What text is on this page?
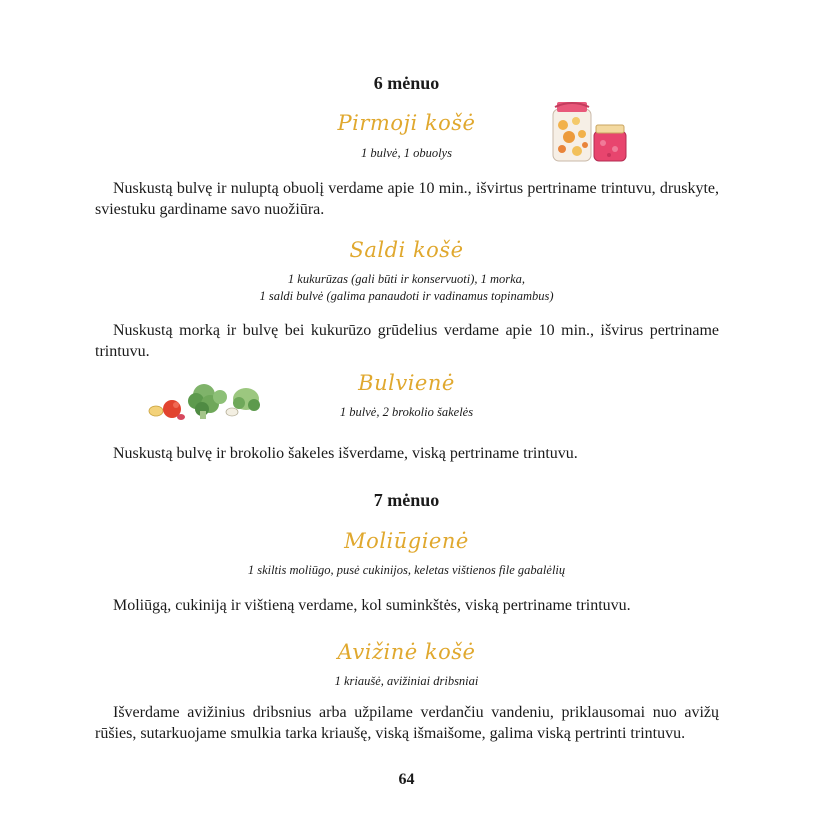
6 mėnuo
Pirmoji košė
1 bulvė, 1 obuolys
Nuskustą bulvę ir nuluptą obuolį verdame apie 10 min., išvirtus pertriname trintuvu, druskyte, sviestuku gardiname savo nuožiūra.
Saldi košė
1 kukurūzas (gali būti ir konservuoti), 1 morka,
1 saldi bulvė (galima panaudoti ir vadinamus topinambus)
Nuskustą morką ir bulvę bei kukurūzo grūdelius verdame apie 10 min., išvirus pertriname trintuvu.
Bulvienė
1 bulvė, 2 brokolio šakelės
Nuskustą bulvę ir brokolio šakeles išverdame, viską pertriname trintuvu.
7 mėnuo
Moliūgienė
1 skiltis moliūgo, pusė cukinijos, keletas vištienos file gabalėlių
Moliūgą, cukiniją ir vištieną verdame, kol suminkštės, viską pertriname trintuvu.
Avižinė košė
1 kriaušė, avižiniai dribsniai
Išverdame avižinius dribsnius arba užpilame verdančiu vandeniu, priklausomai nuo avižų rūšies, sutarkuojame smulkia tarka kriaušę, viską išmaišome, galima viską pertrinti trintuvu.
64
